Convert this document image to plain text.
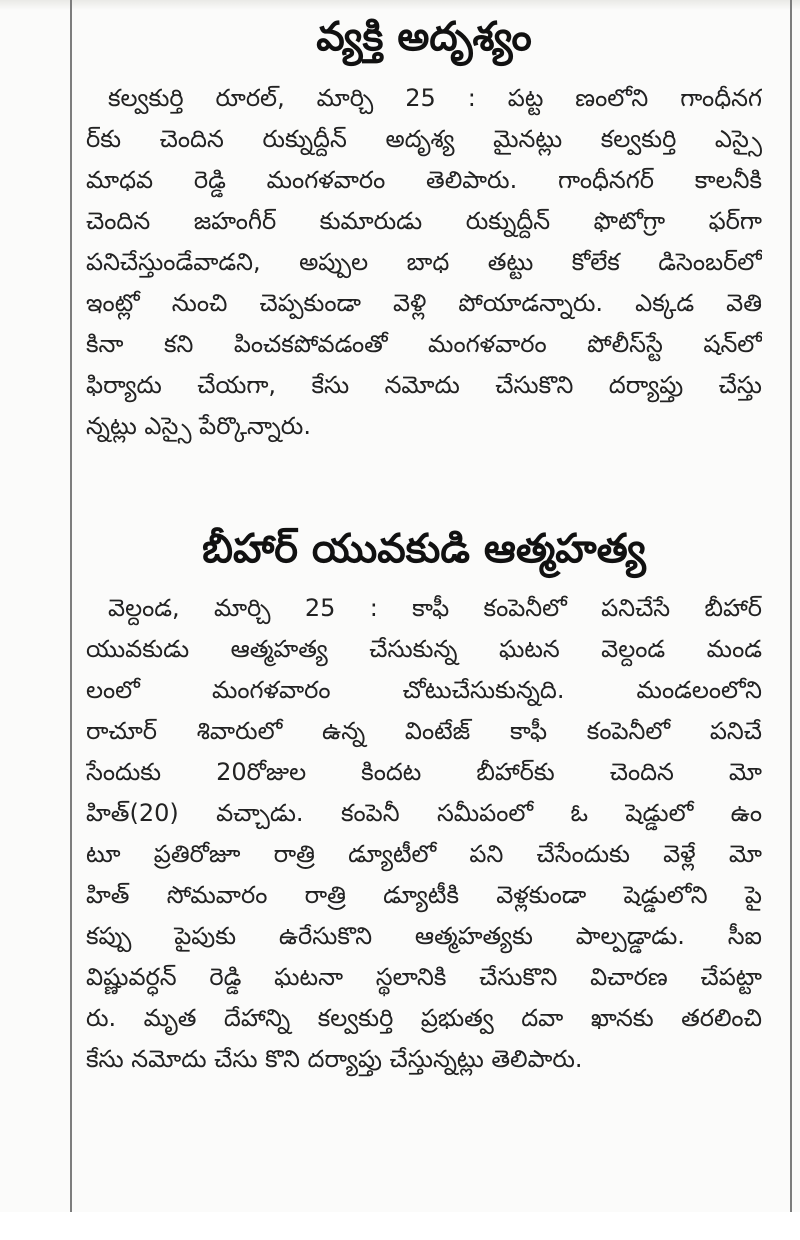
వ్యక్తి అదృశ్యం

కల్వకుర్తి రూరల్, మార్చి 25 : పట్ట ణంలోని గాంధీనగ
ర్‌కు చెందిన రుక్నుద్దీన్ అదృశ్య మైనట్లు కల్వకుర్తి ఎస్సై
మాధవ రెడ్డి మంగళవారం తెలిపారు. గాంధీనగర్ కాలనీకి
చెందిన జహంగీర్ కుమారుడు రుక్నుద్దీన్ ఫొటోగ్రా ఫర్‌గా
పనిచేస్తుండేవాడని, అప్పుల బాధ తట్టు కోలేక డిసెంబర్‌లో
ఇంట్లో నుంచి చెప్పకుండా వెళ్లి పోయాడన్నారు. ఎక్కడ వెతి
కినా కని పించకపోవడంతో మంగళవారం పోలీస్‌స్టే షన్‌లో
ఫిర్యాదు చేయగా, కేసు నమోదు చేసుకొని దర్యాప్తు చేస్తు
న్నట్లు ఎస్సై పేర్కొన్నారు.

బీహార్ యువకుడి ఆత్మహత్య

వెల్దండ, మార్చి 25 : కాఫీ కంపెనీలో పనిచేసే బీహార్
యువకుడు ఆత్మహత్య చేసుకున్న ఘటన వెల్దండ మండ
లంలో మంగళవారం చోటుచేసుకున్నది. మండలంలోని
రాచూర్ శివారులో ఉన్న వింటేజ్ కాఫీ కంపెనీలో పనిచే
సేందుకు 20రోజుల కిందట బీహార్‌కు చెందిన మో
హిత్(20) వచ్చాడు. కంపెనీ సమీపంలో ఓ షెడ్డులో ఉం
టూ ప్రతిరోజూ రాత్రి డ్యూటీలో పని చేసేందుకు వెళ్లే మో
హిత్ సోమవారం రాత్రి డ్యూటీకి వెళ్లకుండా షెడ్డులోని పై
కప్పు పైపుకు ఉరేసుకొని ఆత్మహత్యకు పాల్పడ్డాడు. సీఐ
విష్ణువర్ధన్ రెడ్డి ఘటనా స్థలానికి చేసుకొని విచారణ చేపట్టా
రు. మృత దేహాన్ని కల్వకుర్తి ప్రభుత్వ దవా ఖానకు తరలించి
కేసు నమోదు చేసు కొని దర్యాప్తు చేస్తున్నట్లు తెలిపారు.
